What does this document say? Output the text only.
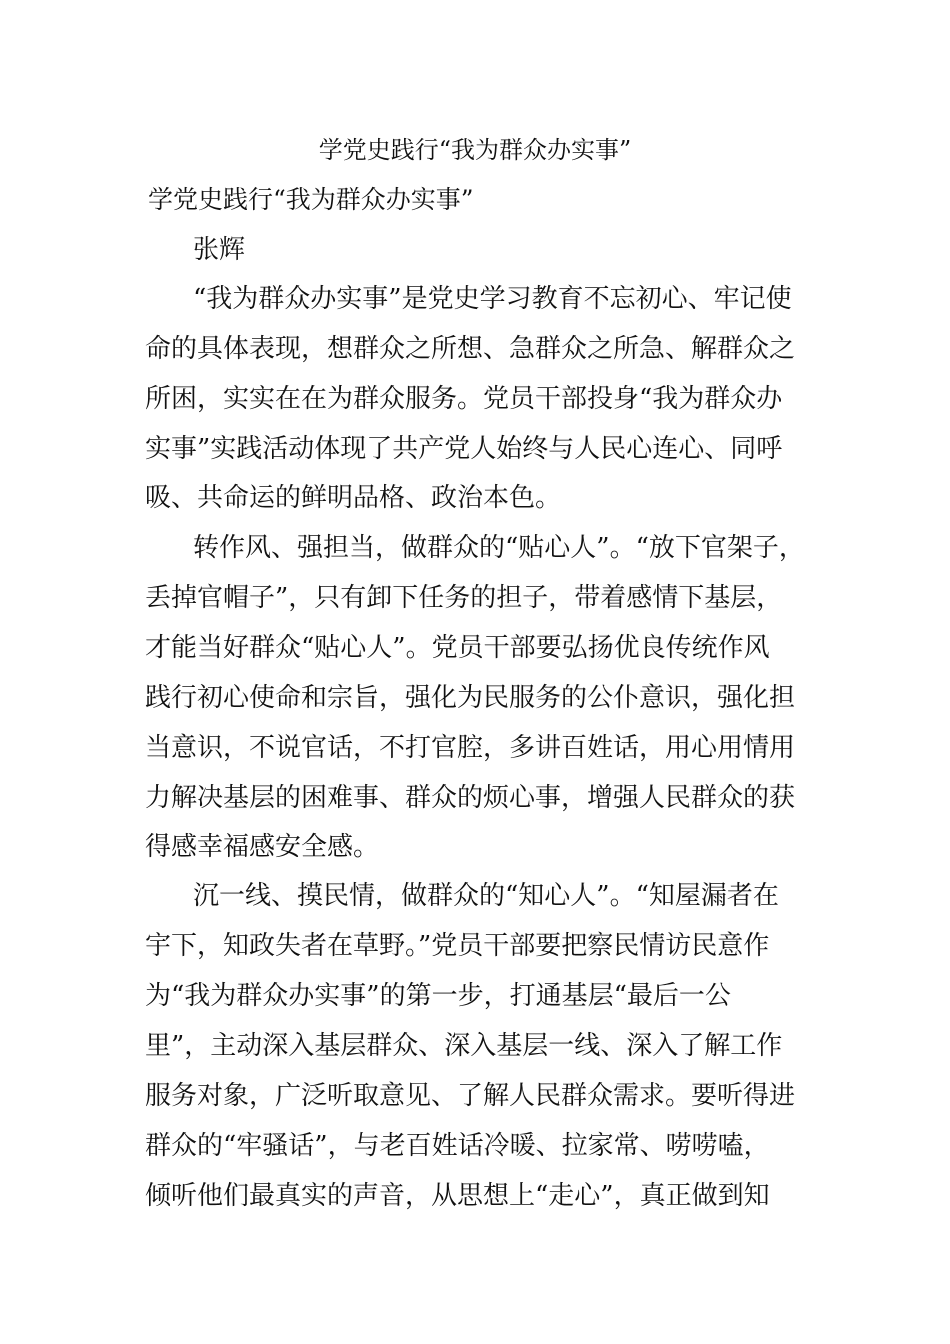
学党史践行“我为群众办实事”

学党史践行“我为群众办实事”

张辉

“我为群众办实事”是党史学习教育不忘初心、牢记使

命的具体表现，想群众之所想、急群众之所急、解群众之

所困，实实在在为群众服务。党员干部投身“我为群众办

实事”实践活动体现了共产党人始终与人民心连心、同呼

吸、共命运的鲜明品格、政治本色。

转作风、强担当，做群众的“贴心人”。“放下官架子，

丢掉官帽子”，只有卸下任务的担子，带着感情下基层，

才能当好群众“贴心人”。党员干部要弘扬优良传统作风

践行初心使命和宗旨，强化为民服务的公仆意识，强化担

当意识，不说官话，不打官腔，多讲百姓话，用心用情用

力解决基层的困难事、群众的烦心事，增强人民群众的获

得感幸福感安全感。

沉一线、摸民情，做群众的“知心人”。“知屋漏者在

宇下，知政失者在草野。”党员干部要把察民情访民意作

为“我为群众办实事”的第一步，打通基层“最后一公

里”，主动深入基层群众、深入基层一线、深入了解工作

服务对象，广泛听取意见、了解人民群众需求。要听得进

群众的“牢骚话”，与老百姓话冷暖、拉家常、唠唠嗑，

倾听他们最真实的声音，从思想上“走心”，真正做到知
